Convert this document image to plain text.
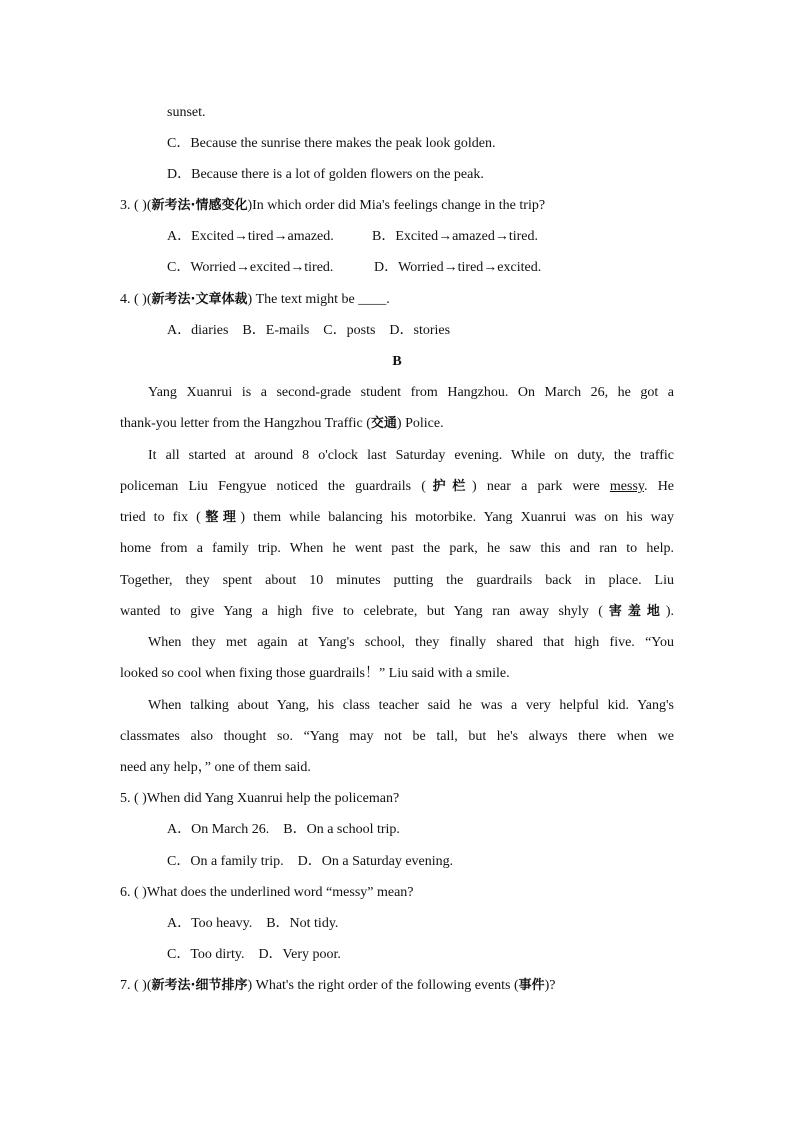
sunset.
C．Because the sunrise there makes the peak look golden.
D．Because there is a lot of golden flowers on the peak.
3. ( )(新考法·情感变化)In which order did Mia's feelings change in the trip?
A．Excited→tired→amazed.	B．Excited→amazed→tired.
C．Worried→excited→tired.	D．Worried→tired→excited.
4. ( )(新考法·文章体裁) The text might be ____.
A．diaries    B．E-mails    C．posts    D．stories
B
Yang Xuanrui is a second-grade student from Hangzhou. On March 26, he got a
thank-you letter from the Hangzhou Traffic (交通) Police.
It all started at around 8 o'clock last Saturday evening. While on duty, the traffic
policeman Liu Fengyue noticed the guardrails (护栏) near a park were messy. He
tried to fix (整理) them while balancing his motorbike. Yang Xuanrui was on his way
home from a family trip. When he went past the park, he saw this and ran to help.
Together, they spent about 10 minutes putting the guardrails back in place. Liu
wanted to give Yang a high five to celebrate, but Yang ran away shyly (害羞地).
When they met again at Yang's school, they finally shared that high five. “You
looked so cool when fixing those guardrails！” Liu said with a smile.
When talking about Yang, his class teacher said he was a very helpful kid. Yang's
classmates also thought so. “Yang may not be tall, but he's always there when we
need any help，” one of them said.
5. ( )When did Yang Xuanrui help the policeman?
A．On March 26.    B．On a school trip.
C．On a family trip.    D．On a Saturday evening.
6. ( )What does the underlined word “messy” mean?
A．Too heavy.    B．Not tidy.
C．Too dirty.    D．Very poor.
7. ( )(新考法·细节排序) What's the right order of the following events (事件)?
